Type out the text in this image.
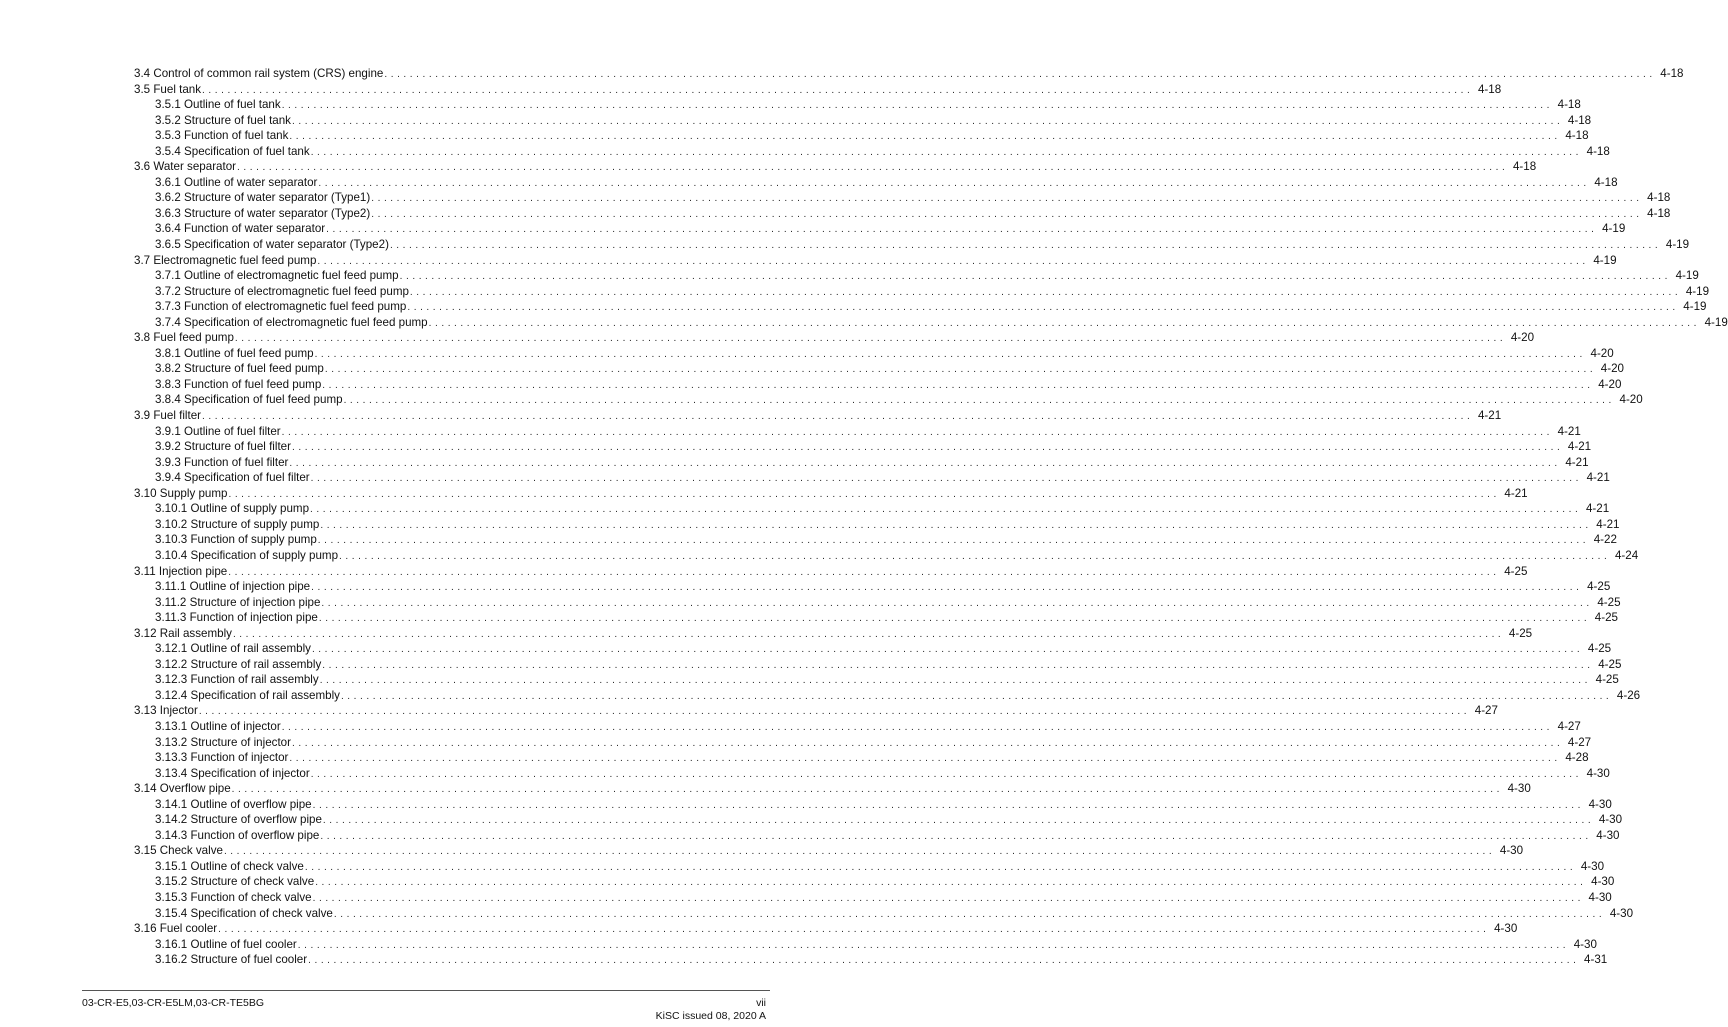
3.4 Control of common rail system (CRS) engine . . . . . . . . . . . . . . . . . . . . . . . . . . . . . . . . . . . . . . . . . . . . . . . . . . . . . . . . . . . . . . . . . . . . . . . . . . . . . . . . . . . . . . . . . . . . . . . . . . . . . . . . . . . . . . . . . . . . . . . . . . . . . . . . . . . . . . . . . . . . . . . . . . . . . . . . . . . . . . . . . . . . . . . . . . . . . . . . . . . . . . . . . . . . . . . . . . . . . . . . 4-18
3.5 Fuel tank . . . . . . . . . . . . . . . . . . . . . . . . . . . . . . . . . . . . . . . . . . . . . . . . . . . . . . . . . . . . . . . . . . . . . . . . . . . . . . . . . . . . . . . . . . . . . . . . . . . . . . . . . . . . . . . . . . . . . . . . . . . . . . . . . . . . . . . . . . . . . . . . . . . . . . . . . . . . . . . . . . . . . . . . . . . . . . . . . . . . . . . . . . . . . . . . . . . . . . . . 4-18
3.5.1 Outline of fuel tank . . . . . . . . . . . . . . . . . . . . . . . . . . . . . . . . . . . . . . . . . . . . . . . . . . . . . . . . . . . . . . . . . . . . . . . . . . . . . . . . . . . . . . . . . . . . . . . . . . . . . . . . . . . . . . . . . . . . . . . . . . . . . . . . . . . . . . . . . . . . . . . . . . . . . . . . . . . . . . . . . . . . . . . . . . . . . . . . . . . . . . . . . . . . . . . . . . . . . . . . 4-18
3.5.2 Structure of fuel tank . . . . . . . . . . . . . . . . . . . . . . . . . . . . . . . . . . . . . . . . . . . . . . . . . . . . . . . . . . . . . . . . . . . . . . . . . . . . . . . . . . . . . . . . . . . . . . . . . . . . . . . . . . . . . . . . . . . . . . . . . . . . . . . . . . . . . . . . . . . . . . . . . . . . . . . . . . . . . . . . . . . . . . . . . . . . . . . . . . . . . . . . . . . . . . . . . . . . . . . . 4-18
3.5.3 Function of fuel tank . . . . . . . . . . . . . . . . . . . . . . . . . . . . . . . . . . . . . . . . . . . . . . . . . . . . . . . . . . . . . . . . . . . . . . . . . . . . . . . . . . . . . . . . . . . . . . . . . . . . . . . . . . . . . . . . . . . . . . . . . . . . . . . . . . . . . . . . . . . . . . . . . . . . . . . . . . . . . . . . . . . . . . . . . . . . . . . . . . . . . . . . . . . . . . . . . . . . . . . . 4-18
3.5.4 Specification of fuel tank . . . . . . . . . . . . . . . . . . . . . . . . . . . . . . . . . . . . . . . . . . . . . . . . . . . . . . . . . . . . . . . . . . . . . . . . . . . . . . . . . . . . . . . . . . . . . . . . . . . . . . . . . . . . . . . . . . . . . . . . . . . . . . . . . . . . . . . . . . . . . . . . . . . . . . . . . . . . . . . . . . . . . . . . . . . . . . . . . . . . . . . . . . . . . . . . . . . . . . . . 4-18
3.6 Water separator . . . . . . . . . . . . . . . . . . . . . . . . . . . . . . . . . . . . . . . . . . . . . . . . . . . . . . . . . . . . . . . . . . . . . . . . . . . . . . . . . . . . . . . . . . . . . . . . . . . . . . . . . . . . . . . . . . . . . . . . . . . . . . . . . . . . . . . . . . . . . . . . . . . . . . . . . . . . . . . . . . . . . . . . . . . . . . . . . . . . . . . . . . . . . . . . . . . . . . . . 4-18
3.6.1 Outline of water separator . . . . . . . . . . . . . . . . . . . . . . . . . . . . . . . . . . . . . . . . . . . . . . . . . . . . . . . . . . . . . . . . . . . . . . . . . . . . . . . . . . . . . . . . . . . . . . . . . . . . . . . . . . . . . . . . . . . . . . . . . . . . . . . . . . . . . . . . . . . . . . . . . . . . . . . . . . . . . . . . . . . . . . . . . . . . . . . . . . . . . . . . . . . . . . . . . . . . . . . . 4-18
3.6.2 Structure of water separator (Type1) . . . . . . . . . . . . . . . . . . . . . . . . . . . . . . . . . . . . . . . . . . . . . . . . . . . . . . . . . . . . . . . . . . . . . . . . . . . . . . . . . . . . . . . . . . . . . . . . . . . . . . . . . . . . . . . . . . . . . . . . . . . . . . . . . . . . . . . . . . . . . . . . . . . . . . . . . . . . . . . . . . . . . . . . . . . . . . . . . . . . . . . . . . . . . . . . . . . . . . . . 4-18
3.6.3 Structure of water separator (Type2) . . . . . . . . . . . . . . . . . . . . . . . . . . . . . . . . . . . . . . . . . . . . . . . . . . . . . . . . . . . . . . . . . . . . . . . . . . . . . . . . . . . . . . . . . . . . . . . . . . . . . . . . . . . . . . . . . . . . . . . . . . . . . . . . . . . . . . . . . . . . . . . . . . . . . . . . . . . . . . . . . . . . . . . . . . . . . . . . . . . . . . . . . . . . . . . . . . . . . . . . 4-18
3.6.4 Function of water separator . . . . . . . . . . . . . . . . . . . . . . . . . . . . . . . . . . . . . . . . . . . . . . . . . . . . . . . . . . . . . . . . . . . . . . . . . . . . . . . . . . . . . . . . . . . . . . . . . . . . . . . . . . . . . . . . . . . . . . . . . . . . . . . . . . . . . . . . . . . . . . . . . . . . . . . . . . . . . . . . . . . . . . . . . . . . . . . . . . . . . . . . . . . . . . . . . . . . . . . . 4-19
3.6.5 Specification of water separator (Type2) . . . . . . . . . . . . . . . . . . . . . . . . . . . . . . . . . . . . . . . . . . . . . . . . . . . . . . . . . . . . . . . . . . . . . . . . . . . . . . . . . . . . . . . . . . . . . . . . . . . . . . . . . . . . . . . . . . . . . . . . . . . . . . . . . . . . . . . . . . . . . . . . . . . . . . . . . . . . . . . . . . . . . . . . . . . . . . . . . . . . . . . . . . . . . . . . . . . . . . . . 4-19
3.7 Electromagnetic fuel feed pump . . . . . . . . . . . . . . . . . . . . . . . . . . . . . . . . . . . . . . . . . . . . . . . . . . . . . . . . . . . . . . . . . . . . . . . . . . . . . . . . . . . . . . . . . . . . . . . . . . . . . . . . . . . . . . . . . . . . . . . . . . . . . . . . . . . . . . . . . . . . . . . . . . . . . . . . . . . . . . . . . . . . . . . . . . . . . . . . . . . . . . . . . . . . . . . . . . . . . . . . 4-19
3.7.1 Outline of electromagnetic fuel feed pump . . . . . . . . . . . . . . . . . . . . . . . . . . . . . . . . . . . . . . . . . . . . . . . . . . . . . . . . . . . . . . . . . . . . . . . . . . . . . . . . . . . . . . . . . . . . . . . . . . . . . . . . . . . . . . . . . . . . . . . . . . . . . . . . . . . . . . . . . . . . . . . . . . . . . . . . . . . . . . . . . . . . . . . . . . . . . . . . . . . . . . . . . . . . . . . . . . . . . . . . 4-19
3.7.2 Structure of electromagnetic fuel feed pump . . . . . . . . . . . . . . . . . . . . . . . . . . . . . . . . . . . . . . . . . . . . . . . . . . . . . . . . . . . . . . . . . . . . . . . . . . . . . . . . . . . . . . . . . . . . . . . . . . . . . . . . . . . . . . . . . . . . . . . . . . . . . . . . . . . . . . . . . . . . . . . . . . . . . . . . . . . . . . . . . . . . . . . . . . . . . . . . . . . . . . . . . . . . . . . . . . . . . . . . 4-19
3.7.3 Function of electromagnetic fuel feed pump . . . . . . . . . . . . . . . . . . . . . . . . . . . . . . . . . . . . . . . . . . . . . . . . . . . . . . . . . . . . . . . . . . . . . . . . . . . . . . . . . . . . . . . . . . . . . . . . . . . . . . . . . . . . . . . . . . . . . . . . . . . . . . . . . . . . . . . . . . . . . . . . . . . . . . . . . . . . . . . . . . . . . . . . . . . . . . . . . . . . . . . . . . . . . . . . . . . . . . . . 4-19
3.7.4 Specification of electromagnetic fuel feed pump . . . . . . . . . . . . . . . . . . . . . . . . . . . . . . . . . . . . . . . . . . . . . . . . . . . . . . . . . . . . . . . . . . . . . . . . . . . . . . . . . . . . . . . . . . . . . . . . . . . . . . . . . . . . . . . . . . . . . . . . . . . . . . . . . . . . . . . . . . . . . . . . . . . . . . . . . . . . . . . . . . . . . . . . . . . . . . . . . . . . . . . . . . . . . . . . . . . . . . . . 4-19
3.8 Fuel feed pump . . . . . . . . . . . . . . . . . . . . . . . . . . . . . . . . . . . . . . . . . . . . . . . . . . . . . . . . . . . . . . . . . . . . . . . . . . . . . . . . . . . . . . . . . . . . . . . . . . . . . . . . . . . . . . . . . . . . . . . . . . . . . . . . . . . . . . . . . . . . . . . . . . . . . . . . . . . . . . . . . . . . . . . . . . . . . . . . . . . . . . . . . . . . . . . . . . . . . . . . 4-20
3.8.1 Outline of fuel feed pump . . . . . . . . . . . . . . . . . . . . . . . . . . . . . . . . . . . . . . . . . . . . . . . . . . . . . . . . . . . . . . . . . . . . . . . . . . . . . . . . . . . . . . . . . . . . . . . . . . . . . . . . . . . . . . . . . . . . . . . . . . . . . . . . . . . . . . . . . . . . . . . . . . . . . . . . . . . . . . . . . . . . . . . . . . . . . . . . . . . . . . . . . . . . . . . . . . . . . . . . 4-20
3.8.2 Structure of fuel feed pump . . . . . . . . . . . . . . . . . . . . . . . . . . . . . . . . . . . . . . . . . . . . . . . . . . . . . . . . . . . . . . . . . . . . . . . . . . . . . . . . . . . . . . . . . . . . . . . . . . . . . . . . . . . . . . . . . . . . . . . . . . . . . . . . . . . . . . . . . . . . . . . . . . . . . . . . . . . . . . . . . . . . . . . . . . . . . . . . . . . . . . . . . . . . . . . . . . . . . . . . 4-20
3.8.3 Function of fuel feed pump . . . . . . . . . . . . . . . . . . . . . . . . . . . . . . . . . . . . . . . . . . . . . . . . . . . . . . . . . . . . . . . . . . . . . . . . . . . . . . . . . . . . . . . . . . . . . . . . . . . . . . . . . . . . . . . . . . . . . . . . . . . . . . . . . . . . . . . . . . . . . . . . . . . . . . . . . . . . . . . . . . . . . . . . . . . . . . . . . . . . . . . . . . . . . . . . . . . . . . . . 4-20
3.8.4 Specification of fuel feed pump . . . . . . . . . . . . . . . . . . . . . . . . . . . . . . . . . . . . . . . . . . . . . . . . . . . . . . . . . . . . . . . . . . . . . . . . . . . . . . . . . . . . . . . . . . . . . . . . . . . . . . . . . . . . . . . . . . . . . . . . . . . . . . . . . . . . . . . . . . . . . . . . . . . . . . . . . . . . . . . . . . . . . . . . . . . . . . . . . . . . . . . . . . . . . . . . . . . . . . . . 4-20
3.9 Fuel filter . . . . . . . . . . . . . . . . . . . . . . . . . . . . . . . . . . . . . . . . . . . . . . . . . . . . . . . . . . . . . . . . . . . . . . . . . . . . . . . . . . . . . . . . . . . . . . . . . . . . . . . . . . . . . . . . . . . . . . . . . . . . . . . . . . . . . . . . . . . . . . . . . . . . . . . . . . . . . . . . . . . . . . . . . . . . . . . . . . . . . . . . . . . . . . . . . . . . . . . . 4-21
3.9.1 Outline of fuel filter . . . . . . . . . . . . . . . . . . . . . . . . . . . . . . . . . . . . . . . . . . . . . . . . . . . . . . . . . . . . . . . . . . . . . . . . . . . . . . . . . . . . . . . . . . . . . . . . . . . . . . . . . . . . . . . . . . . . . . . . . . . . . . . . . . . . . . . . . . . . . . . . . . . . . . . . . . . . . . . . . . . . . . . . . . . . . . . . . . . . . . . . . . . . . . . . . . . . . . . . 4-21
3.9.2 Structure of fuel filter . . . . . . . . . . . . . . . . . . . . . . . . . . . . . . . . . . . . . . . . . . . . . . . . . . . . . . . . . . . . . . . . . . . . . . . . . . . . . . . . . . . . . . . . . . . . . . . . . . . . . . . . . . . . . . . . . . . . . . . . . . . . . . . . . . . . . . . . . . . . . . . . . . . . . . . . . . . . . . . . . . . . . . . . . . . . . . . . . . . . . . . . . . . . . . . . . . . . . . . . 4-21
3.9.3 Function of fuel filter . . . . . . . . . . . . . . . . . . . . . . . . . . . . . . . . . . . . . . . . . . . . . . . . . . . . . . . . . . . . . . . . . . . . . . . . . . . . . . . . . . . . . . . . . . . . . . . . . . . . . . . . . . . . . . . . . . . . . . . . . . . . . . . . . . . . . . . . . . . . . . . . . . . . . . . . . . . . . . . . . . . . . . . . . . . . . . . . . . . . . . . . . . . . . . . . . . . . . . . . 4-21
3.9.4 Specification of fuel filter . . . . . . . . . . . . . . . . . . . . . . . . . . . . . . . . . . . . . . . . . . . . . . . . . . . . . . . . . . . . . . . . . . . . . . . . . . . . . . . . . . . . . . . . . . . . . . . . . . . . . . . . . . . . . . . . . . . . . . . . . . . . . . . . . . . . . . . . . . . . . . . . . . . . . . . . . . . . . . . . . . . . . . . . . . . . . . . . . . . . . . . . . . . . . . . . . . . . . . . . 4-21
3.10 Supply pump . . . . . . . . . . . . . . . . . . . . . . . . . . . . . . . . . . . . . . . . . . . . . . . . . . . . . . . . . . . . . . . . . . . . . . . . . . . . . . . . . . . . . . . . . . . . . . . . . . . . . . . . . . . . . . . . . . . . . . . . . . . . . . . . . . . . . . . . . . . . . . . . . . . . . . . . . . . . . . . . . . . . . . . . . . . . . . . . . . . . . . . . . . . . . . . . . . . . . . . . 4-21
3.10.1 Outline of supply pump . . . . . . . . . . . . . . . . . . . . . . . . . . . . . . . . . . . . . . . . . . . . . . . . . . . . . . . . . . . . . . . . . . . . . . . . . . . . . . . . . . . . . . . . . . . . . . . . . . . . . . . . . . . . . . . . . . . . . . . . . . . . . . . . . . . . . . . . . . . . . . . . . . . . . . . . . . . . . . . . . . . . . . . . . . . . . . . . . . . . . . . . . . . . . . . . . . . . . . . . 4-21
3.10.2 Structure of supply pump . . . . . . . . . . . . . . . . . . . . . . . . . . . . . . . . . . . . . . . . . . . . . . . . . . . . . . . . . . . . . . . . . . . . . . . . . . . . . . . . . . . . . . . . . . . . . . . . . . . . . . . . . . . . . . . . . . . . . . . . . . . . . . . . . . . . . . . . . . . . . . . . . . . . . . . . . . . . . . . . . . . . . . . . . . . . . . . . . . . . . . . . . . . . . . . . . . . . . . . . 4-21
3.10.3 Function of supply pump . . . . . . . . . . . . . . . . . . . . . . . . . . . . . . . . . . . . . . . . . . . . . . . . . . . . . . . . . . . . . . . . . . . . . . . . . . . . . . . . . . . . . . . . . . . . . . . . . . . . . . . . . . . . . . . . . . . . . . . . . . . . . . . . . . . . . . . . . . . . . . . . . . . . . . . . . . . . . . . . . . . . . . . . . . . . . . . . . . . . . . . . . . . . . . . . . . . . . . . . 4-22
3.10.4 Specification of supply pump . . . . . . . . . . . . . . . . . . . . . . . . . . . . . . . . . . . . . . . . . . . . . . . . . . . . . . . . . . . . . . . . . . . . . . . . . . . . . . . . . . . . . . . . . . . . . . . . . . . . . . . . . . . . . . . . . . . . . . . . . . . . . . . . . . . . . . . . . . . . . . . . . . . . . . . . . . . . . . . . . . . . . . . . . . . . . . . . . . . . . . . . . . . . . . . . . . . . . . . . 4-24
3.11 Injection pipe . . . . . . . . . . . . . . . . . . . . . . . . . . . . . . . . . . . . . . . . . . . . . . . . . . . . . . . . . . . . . . . . . . . . . . . . . . . . . . . . . . . . . . . . . . . . . . . . . . . . . . . . . . . . . . . . . . . . . . . . . . . . . . . . . . . . . . . . . . . . . . . . . . . . . . . . . . . . . . . . . . . . . . . . . . . . . . . . . . . . . . . . . . . . . . . . . . . . . . . . 4-25
3.11.1 Outline of injection pipe . . . . . . . . . . . . . . . . . . . . . . . . . . . . . . . . . . . . . . . . . . . . . . . . . . . . . . . . . . . . . . . . . . . . . . . . . . . . . . . . . . . . . . . . . . . . . . . . . . . . . . . . . . . . . . . . . . . . . . . . . . . . . . . . . . . . . . . . . . . . . . . . . . . . . . . . . . . . . . . . . . . . . . . . . . . . . . . . . . . . . . . . . . . . . . . . . . . . . . . . 4-25
3.11.2 Structure of injection pipe . . . . . . . . . . . . . . . . . . . . . . . . . . . . . . . . . . . . . . . . . . . . . . . . . . . . . . . . . . . . . . . . . . . . . . . . . . . . . . . . . . . . . . . . . . . . . . . . . . . . . . . . . . . . . . . . . . . . . . . . . . . . . . . . . . . . . . . . . . . . . . . . . . . . . . . . . . . . . . . . . . . . . . . . . . . . . . . . . . . . . . . . . . . . . . . . . . . . . . . . 4-25
3.11.3 Function of injection pipe . . . . . . . . . . . . . . . . . . . . . . . . . . . . . . . . . . . . . . . . . . . . . . . . . . . . . . . . . . . . . . . . . . . . . . . . . . . . . . . . . . . . . . . . . . . . . . . . . . . . . . . . . . . . . . . . . . . . . . . . . . . . . . . . . . . . . . . . . . . . . . . . . . . . . . . . . . . . . . . . . . . . . . . . . . . . . . . . . . . . . . . . . . . . . . . . . . . . . . . . 4-25
3.12 Rail assembly . . . . . . . . . . . . . . . . . . . . . . . . . . . . . . . . . . . . . . . . . . . . . . . . . . . . . . . . . . . . . . . . . . . . . . . . . . . . . . . . . . . . . . . . . . . . . . . . . . . . . . . . . . . . . . . . . . . . . . . . . . . . . . . . . . . . . . . . . . . . . . . . . . . . . . . . . . . . . . . . . . . . . . . . . . . . . . . . . . . . . . . . . . . . . . . . . . . . . . . . 4-25
3.12.1 Outline of rail assembly . . . . . . . . . . . . . . . . . . . . . . . . . . . . . . . . . . . . . . . . . . . . . . . . . . . . . . . . . . . . . . . . . . . . . . . . . . . . . . . . . . . . . . . . . . . . . . . . . . . . . . . . . . . . . . . . . . . . . . . . . . . . . . . . . . . . . . . . . . . . . . . . . . . . . . . . . . . . . . . . . . . . . . . . . . . . . . . . . . . . . . . . . . . . . . . . . . . . . . . . 4-25
3.12.2 Structure of rail assembly . . . . . . . . . . . . . . . . . . . . . . . . . . . . . . . . . . . . . . . . . . . . . . . . . . . . . . . . . . . . . . . . . . . . . . . . . . . . . . . . . . . . . . . . . . . . . . . . . . . . . . . . . . . . . . . . . . . . . . . . . . . . . . . . . . . . . . . . . . . . . . . . . . . . . . . . . . . . . . . . . . . . . . . . . . . . . . . . . . . . . . . . . . . . . . . . . . . . . . . . 4-25
3.12.3 Function of rail assembly . . . . . . . . . . . . . . . . . . . . . . . . . . . . . . . . . . . . . . . . . . . . . . . . . . . . . . . . . . . . . . . . . . . . . . . . . . . . . . . . . . . . . . . . . . . . . . . . . . . . . . . . . . . . . . . . . . . . . . . . . . . . . . . . . . . . . . . . . . . . . . . . . . . . . . . . . . . . . . . . . . . . . . . . . . . . . . . . . . . . . . . . . . . . . . . . . . . . . . . . 4-25
3.12.4 Specification of rail assembly . . . . . . . . . . . . . . . . . . . . . . . . . . . . . . . . . . . . . . . . . . . . . . . . . . . . . . . . . . . . . . . . . . . . . . . . . . . . . . . . . . . . . . . . . . . . . . . . . . . . . . . . . . . . . . . . . . . . . . . . . . . . . . . . . . . . . . . . . . . . . . . . . . . . . . . . . . . . . . . . . . . . . . . . . . . . . . . . . . . . . . . . . . . . . . . . . . . . . . . . 4-26
3.13 Injector . . . . . . . . . . . . . . . . . . . . . . . . . . . . . . . . . . . . . . . . . . . . . . . . . . . . . . . . . . . . . . . . . . . . . . . . . . . . . . . . . . . . . . . . . . . . . . . . . . . . . . . . . . . . . . . . . . . . . . . . . . . . . . . . . . . . . . . . . . . . . . . . . . . . . . . . . . . . . . . . . . . . . . . . . . . . . . . . . . . . . . . . . . . . . . . . . . . . . . . . 4-27
3.13.1 Outline of injector . . . . . . . . . . . . . . . . . . . . . . . . . . . . . . . . . . . . . . . . . . . . . . . . . . . . . . . . . . . . . . . . . . . . . . . . . . . . . . . . . . . . . . . . . . . . . . . . . . . . . . . . . . . . . . . . . . . . . . . . . . . . . . . . . . . . . . . . . . . . . . . . . . . . . . . . . . . . . . . . . . . . . . . . . . . . . . . . . . . . . . . . . . . . . . . . . . . . . . . . 4-27
3.13.2 Structure of injector . . . . . . . . . . . . . . . . . . . . . . . . . . . . . . . . . . . . . . . . . . . . . . . . . . . . . . . . . . . . . . . . . . . . . . . . . . . . . . . . . . . . . . . . . . . . . . . . . . . . . . . . . . . . . . . . . . . . . . . . . . . . . . . . . . . . . . . . . . . . . . . . . . . . . . . . . . . . . . . . . . . . . . . . . . . . . . . . . . . . . . . . . . . . . . . . . . . . . . . . 4-27
3.13.3 Function of injector . . . . . . . . . . . . . . . . . . . . . . . . . . . . . . . . . . . . . . . . . . . . . . . . . . . . . . . . . . . . . . . . . . . . . . . . . . . . . . . . . . . . . . . . . . . . . . . . . . . . . . . . . . . . . . . . . . . . . . . . . . . . . . . . . . . . . . . . . . . . . . . . . . . . . . . . . . . . . . . . . . . . . . . . . . . . . . . . . . . . . . . . . . . . . . . . . . . . . . . . 4-28
3.13.4 Specification of injector . . . . . . . . . . . . . . . . . . . . . . . . . . . . . . . . . . . . . . . . . . . . . . . . . . . . . . . . . . . . . . . . . . . . . . . . . . . . . . . . . . . . . . . . . . . . . . . . . . . . . . . . . . . . . . . . . . . . . . . . . . . . . . . . . . . . . . . . . . . . . . . . . . . . . . . . . . . . . . . . . . . . . . . . . . . . . . . . . . . . . . . . . . . . . . . . . . . . . . . . 4-30
3.14 Overflow pipe . . . . . . . . . . . . . . . . . . . . . . . . . . . . . . . . . . . . . . . . . . . . . . . . . . . . . . . . . . . . . . . . . . . . . . . . . . . . . . . . . . . . . . . . . . . . . . . . . . . . . . . . . . . . . . . . . . . . . . . . . . . . . . . . . . . . . . . . . . . . . . . . . . . . . . . . . . . . . . . . . . . . . . . . . . . . . . . . . . . . . . . . . . . . . . . . . . . . . . . . 4-30
3.14.1 Outline of overflow pipe . . . . . . . . . . . . . . . . . . . . . . . . . . . . . . . . . . . . . . . . . . . . . . . . . . . . . . . . . . . . . . . . . . . . . . . . . . . . . . . . . . . . . . . . . . . . . . . . . . . . . . . . . . . . . . . . . . . . . . . . . . . . . . . . . . . . . . . . . . . . . . . . . . . . . . . . . . . . . . . . . . . . . . . . . . . . . . . . . . . . . . . . . . . . . . . . . . . . . . . . 4-30
3.14.2 Structure of overflow pipe . . . . . . . . . . . . . . . . . . . . . . . . . . . . . . . . . . . . . . . . . . . . . . . . . . . . . . . . . . . . . . . . . . . . . . . . . . . . . . . . . . . . . . . . . . . . . . . . . . . . . . . . . . . . . . . . . . . . . . . . . . . . . . . . . . . . . . . . . . . . . . . . . . . . . . . . . . . . . . . . . . . . . . . . . . . . . . . . . . . . . . . . . . . . . . . . . . . . . . . . 4-30
3.14.3 Function of overflow pipe . . . . . . . . . . . . . . . . . . . . . . . . . . . . . . . . . . . . . . . . . . . . . . . . . . . . . . . . . . . . . . . . . . . . . . . . . . . . . . . . . . . . . . . . . . . . . . . . . . . . . . . . . . . . . . . . . . . . . . . . . . . . . . . . . . . . . . . . . . . . . . . . . . . . . . . . . . . . . . . . . . . . . . . . . . . . . . . . . . . . . . . . . . . . . . . . . . . . . . . . 4-30
3.15 Check valve . . . . . . . . . . . . . . . . . . . . . . . . . . . . . . . . . . . . . . . . . . . . . . . . . . . . . . . . . . . . . . . . . . . . . . . . . . . . . . . . . . . . . . . . . . . . . . . . . . . . . . . . . . . . . . . . . . . . . . . . . . . . . . . . . . . . . . . . . . . . . . . . . . . . . . . . . . . . . . . . . . . . . . . . . . . . . . . . . . . . . . . . . . . . . . . . . . . . . . . . 4-30
3.15.1 Outline of check valve . . . . . . . . . . . . . . . . . . . . . . . . . . . . . . . . . . . . . . . . . . . . . . . . . . . . . . . . . . . . . . . . . . . . . . . . . . . . . . . . . . . . . . . . . . . . . . . . . . . . . . . . . . . . . . . . . . . . . . . . . . . . . . . . . . . . . . . . . . . . . . . . . . . . . . . . . . . . . . . . . . . . . . . . . . . . . . . . . . . . . . . . . . . . . . . . . . . . . . . . 4-30
3.15.2 Structure of check valve . . . . . . . . . . . . . . . . . . . . . . . . . . . . . . . . . . . . . . . . . . . . . . . . . . . . . . . . . . . . . . . . . . . . . . . . . . . . . . . . . . . . . . . . . . . . . . . . . . . . . . . . . . . . . . . . . . . . . . . . . . . . . . . . . . . . . . . . . . . . . . . . . . . . . . . . . . . . . . . . . . . . . . . . . . . . . . . . . . . . . . . . . . . . . . . . . . . . . . . . 4-30
3.15.3 Function of check valve . . . . . . . . . . . . . . . . . . . . . . . . . . . . . . . . . . . . . . . . . . . . . . . . . . . . . . . . . . . . . . . . . . . . . . . . . . . . . . . . . . . . . . . . . . . . . . . . . . . . . . . . . . . . . . . . . . . . . . . . . . . . . . . . . . . . . . . . . . . . . . . . . . . . . . . . . . . . . . . . . . . . . . . . . . . . . . . . . . . . . . . . . . . . . . . . . . . . . . . . 4-30
3.15.4 Specification of check valve . . . . . . . . . . . . . . . . . . . . . . . . . . . . . . . . . . . . . . . . . . . . . . . . . . . . . . . . . . . . . . . . . . . . . . . . . . . . . . . . . . . . . . . . . . . . . . . . . . . . . . . . . . . . . . . . . . . . . . . . . . . . . . . . . . . . . . . . . . . . . . . . . . . . . . . . . . . . . . . . . . . . . . . . . . . . . . . . . . . . . . . . . . . . . . . . . . . . . . . . 4-30
3.16 Fuel cooler . . . . . . . . . . . . . . . . . . . . . . . . . . . . . . . . . . . . . . . . . . . . . . . . . . . . . . . . . . . . . . . . . . . . . . . . . . . . . . . . . . . . . . . . . . . . . . . . . . . . . . . . . . . . . . . . . . . . . . . . . . . . . . . . . . . . . . . . . . . . . . . . . . . . . . . . . . . . . . . . . . . . . . . . . . . . . . . . . . . . . . . . . . . . . . . . . . . . . . . . 4-30
3.16.1 Outline of fuel cooler . . . . . . . . . . . . . . . . . . . . . . . . . . . . . . . . . . . . . . . . . . . . . . . . . . . . . . . . . . . . . . . . . . . . . . . . . . . . . . . . . . . . . . . . . . . . . . . . . . . . . . . . . . . . . . . . . . . . . . . . . . . . . . . . . . . . . . . . . . . . . . . . . . . . . . . . . . . . . . . . . . . . . . . . . . . . . . . . . . . . . . . . . . . . . . . . . . . . . . . . 4-30
3.16.2 Structure of fuel cooler . . . . . . . . . . . . . . . . . . . . . . . . . . . . . . . . . . . . . . . . . . . . . . . . . . . . . . . . . . . . . . . . . . . . . . . . . . . . . . . . . . . . . . . . . . . . . . . . . . . . . . . . . . . . . . . . . . . . . . . . . . . . . . . . . . . . . . . . . . . . . . . . . . . . . . . . . . . . . . . . . . . . . . . . . . . . . . . . . . . . . . . . . . . . . . . . . . . . . . . . 4-31
03-CR-E5,03-CR-E5LM,03-CR-TE5BG	vii
KiSC issued 08, 2020 A
